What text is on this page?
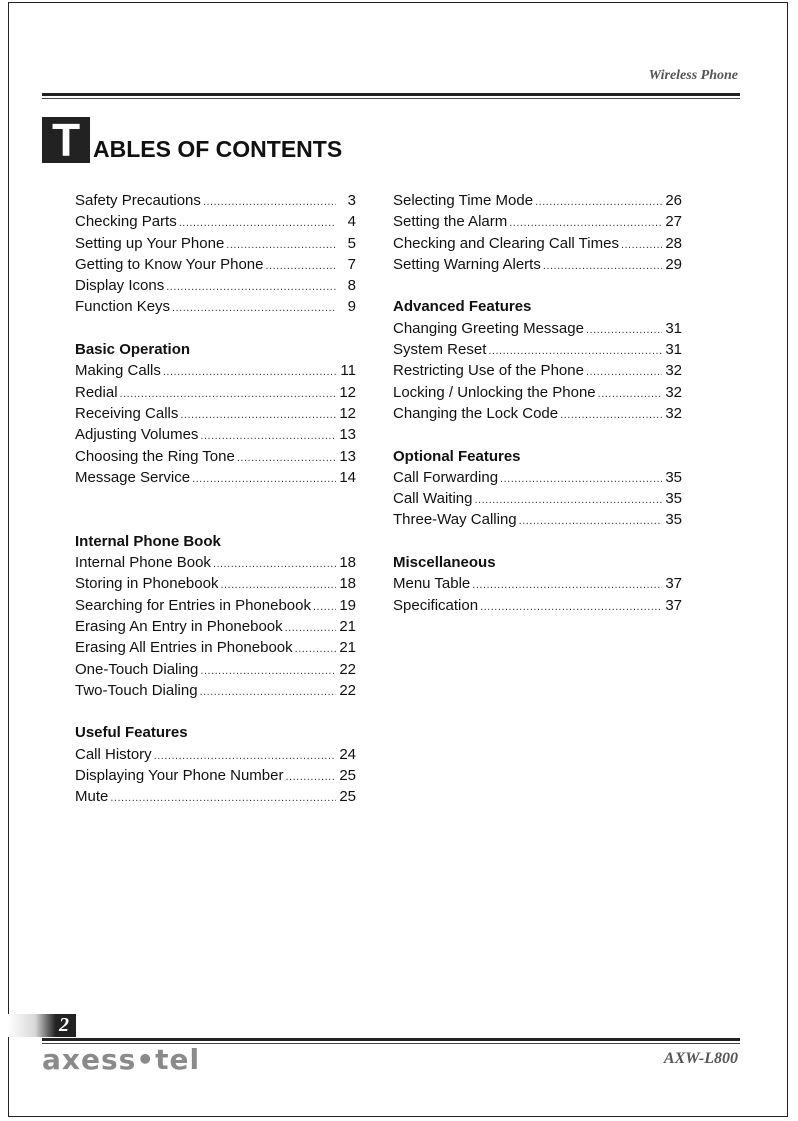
Wireless Phone
T ABLES OF CONTENTS
Safety Precautions .....	3
Checking Parts .....	4
Setting up Your Phone .....	5
Getting to Know Your Phone .....	7
Display Icons .....	8
Function Keys .....	9
Basic Operation
Making Calls .....	11
Redial .....	12
Receiving Calls .....	12
Adjusting Volumes .....	13
Choosing the Ring Tone .....	13
Message Service .....	14
Internal Phone Book
Internal Phone Book .....	18
Storing in Phonebook .....	18
Searching for Entries in Phonebook ..... 19
Erasing An Entry in Phonebook .....	21
Erasing All Entries in Phonebook .....	21
One-Touch Dialing .....	22
Two-Touch Dialing .....	22
Useful Features
Call History .....	24
Displaying Your Phone Number .....	25
Mute .....	25
Selecting Time Mode .....	26
Setting the Alarm .....	27
Checking and Clearing Call Times .....	28
Setting Warning Alerts .....	29
Advanced Features
Changing Greeting Message .....	31
System Reset .....	31
Restricting Use of the Phone .....	32
Locking / Unlocking the Phone .....	32
Changing the Lock Code .....	32
Optional Features
Call Forwarding .....	35
Call Waiting .....	35
Three-Way Calling .....	35
Miscellaneous
Menu Table .....	37
Specification .....	37
2
axess•tel	AXW-L800
